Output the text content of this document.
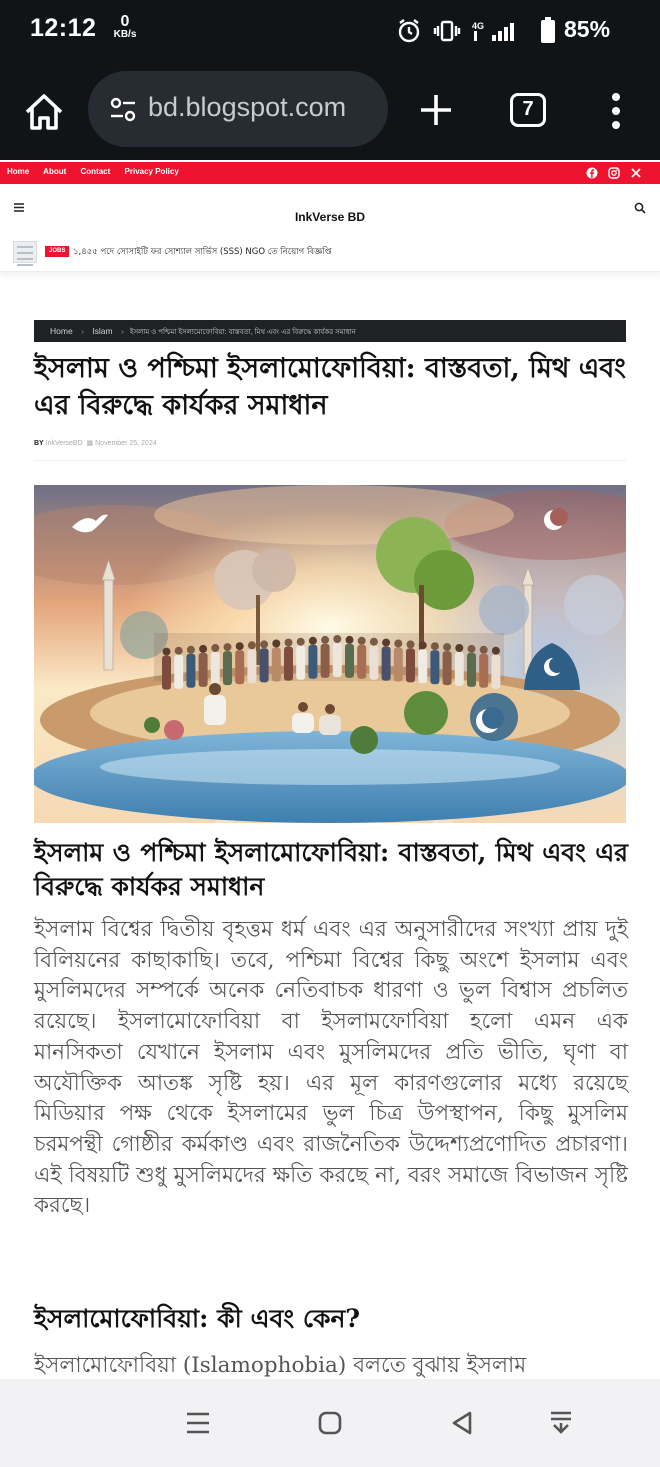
12:12	0
KB/s
4G	85%
bd.blogspot.com	7
Home About Contact Privacy Policy
InkVerse BD
JOBS ১,৪৫৫ পদে সোসাইটি ফর সোশ্যাল সার্ভিস (SSS) NGO তে নিয়োগ বিজ্ঞপ্তি
Home › Islam › ইসলাম ও পশ্চিমা ইসলামোফোবিয়া: বাস্তবতা, মিথ এবং এর বিরুদ্ধে কার্যকর সমাধান
ইসলাম ও পশ্চিমা ইসলামোফোবিয়া: বাস্তবতা, মিথ এবং এর বিরুদ্ধে কার্যকর সমাধান
BY InkVerseBD ▦ November 25, 2024
ইসলাম ও পশ্চিমা ইসলামোফোবিয়া: বাস্তবতা, মিথ এবং এর বিরুদ্ধে কার্যকর সমাধান

ইসলাম বিশ্বের দ্বিতীয় বৃহত্তম ধর্ম এবং এর অনুসারীদের সংখ্যা প্রায় দুই বিলিয়নের কাছাকাছি। তবে, পশ্চিমা বিশ্বের কিছু অংশে ইসলাম এবং মুসলিমদের সম্পর্কে অনেক নেতিবাচক ধারণা ও ভুল বিশ্বাস প্রচলিত রয়েছে। ইসলামোফোবিয়া বা ইসলামফোবিয়া হলো এমন এক মানসিকতা যেখানে ইসলাম এবং মুসলিমদের প্রতি ভীতি, ঘৃণা বা অযৌক্তিক আতঙ্ক সৃষ্টি হয়। এর মূল কারণগুলোর মধ্যে রয়েছে মিডিয়ার পক্ষ থেকে ইসলামের ভুল চিত্র উপস্থাপন, কিছু মুসলিম চরমপন্থী গোষ্ঠীর কর্মকাণ্ড এবং রাজনৈতিক উদ্দেশ্যপ্রণোদিত প্রচারণা। এই বিষয়টি শুধু মুসলিমদের ক্ষতি করছে না, বরং সমাজে বিভাজন সৃষ্টি করছে।

ইসলামোফোবিয়া: কী এবং কেন?

ইসলামোফোবিয়া (Islamophobia) বলতে বুঝায় ইসলাম
